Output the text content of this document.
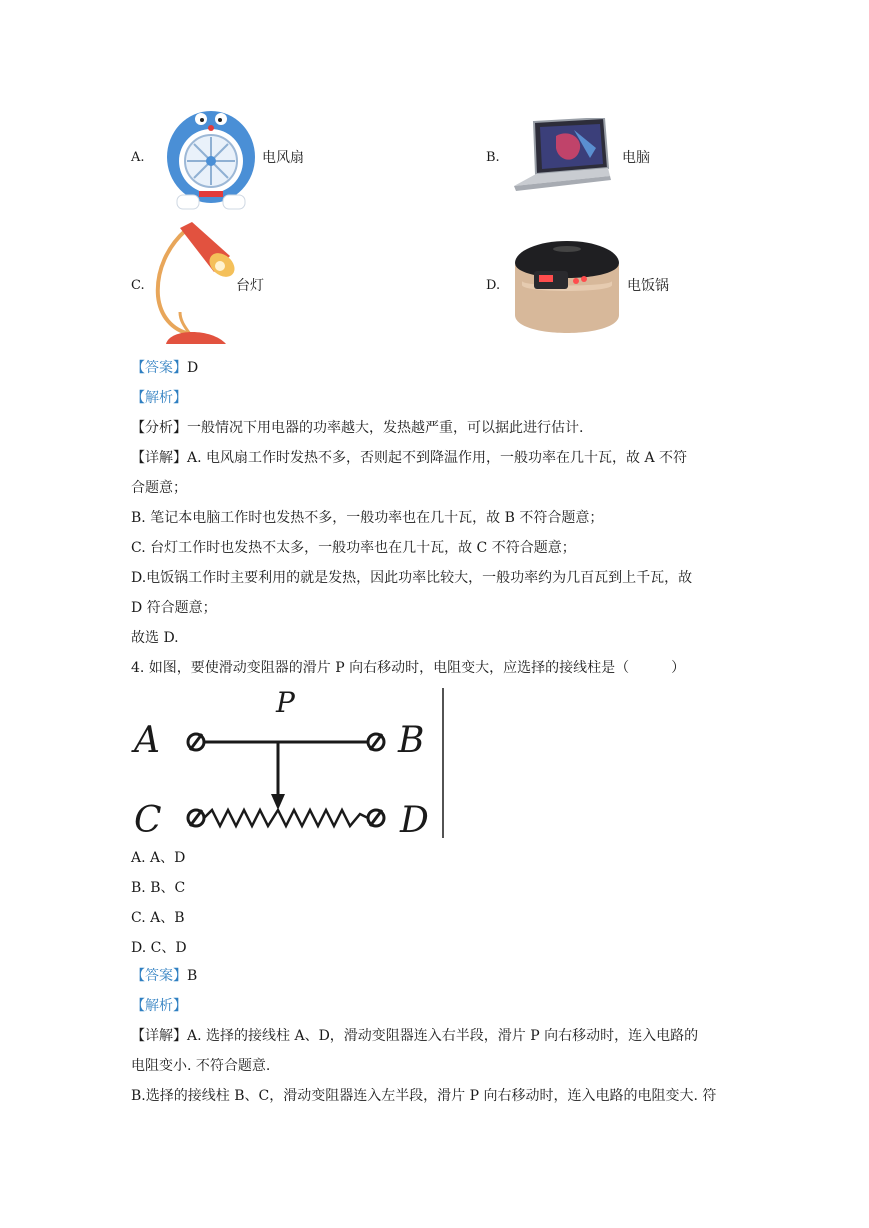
A.	电风扇	B.	电脑
C.	台灯	D.	电饭锅
【答案】D
【解析】
【分析】一般情况下用电器的功率越大，发热越严重，可以据此进行估计.
【详解】A. 电风扇工作时发热不多，否则起不到降温作用，一般功率在几十瓦，故 A 不符
合题意；
B. 笔记本电脑工作时也发热不多，一般功率也在几十瓦，故 B 不符合题意；
C. 台灯工作时也发热不太多，一般功率也在几十瓦，故 C 不符合题意；
D.电饭锅工作时主要利用的就是发热，因此功率比较大，一般功率约为几百瓦到上千瓦，故
D 符合题意；
故选 D.
4. 如图，要使滑动变阻器的滑片 P 向右移动时，电阻变大，应选择的接线柱是（　　　）
P
A	B
C	D
A. A、D
B. B、C
C. A、B
D. C、D
【答案】B
【解析】
【详解】A. 选择的接线柱 A、D，滑动变阻器连入右半段，滑片 P 向右移动时，连入电路的
电阻变小. 不符合题意.
B.选择的接线柱 B、C，滑动变阻器连入左半段，滑片 P 向右移动时，连入电路的电阻变大. 符
